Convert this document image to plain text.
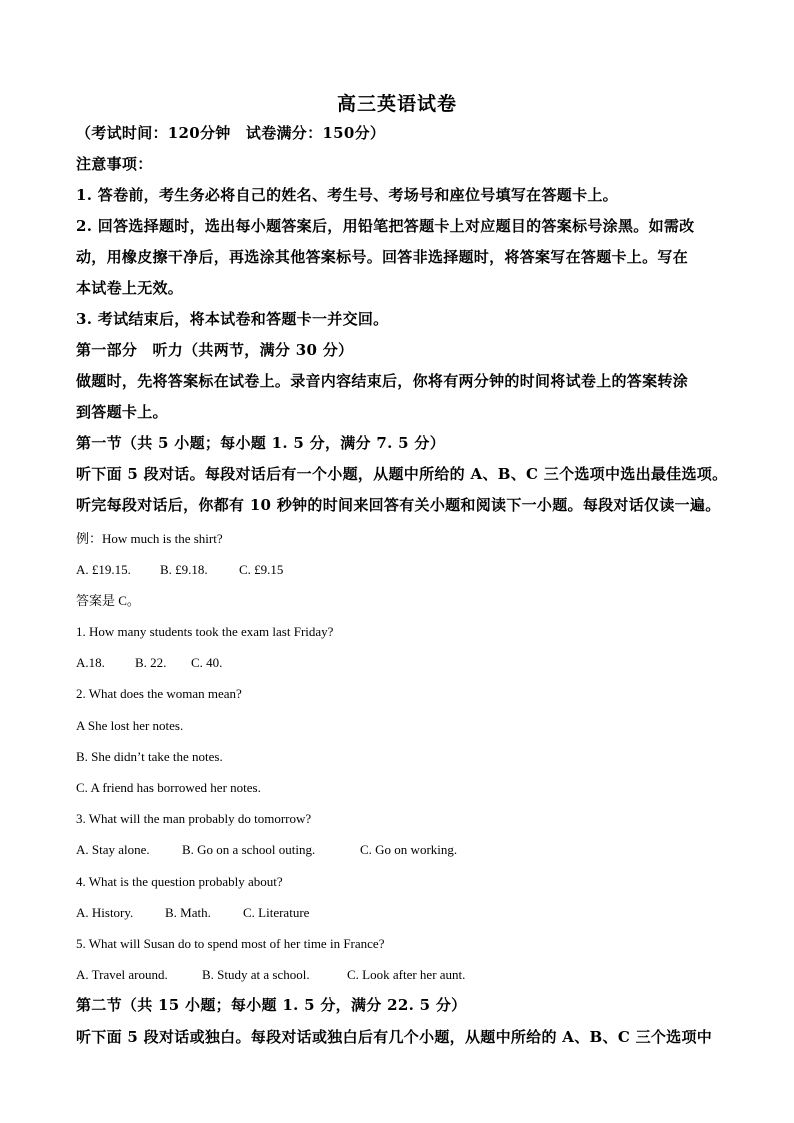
高三英语试卷
（考试时间：120分钟　试卷满分：150分）
注意事项：
1. 答卷前，考生务必将自己的姓名、考生号、考场号和座位号填写在答题卡上。
2. 回答选择题时，选出每小题答案后，用铅笔把答题卡上对应题目的答案标号涂黑。如需改
动，用橡皮擦干净后，再选涂其他答案标号。回答非选择题时，将答案写在答题卡上。写在
本试卷上无效。
3. 考试结束后，将本试卷和答题卡一并交回。
第一部分　听力（共两节，满分 30 分）
做题时，先将答案标在试卷上。录音内容结束后，你将有两分钟的时间将试卷上的答案转涂
到答题卡上。
第一节（共 5 小题；每小题 1. 5 分，满分 7. 5 分）
听下面 5 段对话。每段对话后有一个小题，从题中所给的 A、B、C 三个选项中选出最佳选项。
听完每段对话后，你都有 10 秒钟的时间来回答有关小题和阅读下一小题。每段对话仅读一遍。
例：How much is the shirt?
A. £19.15. B. £9.18. C. £9.15
答案是 C。
1. How many students took the exam last Friday?
A.18. B. 22. C. 40.
2. What does the woman mean?
A She lost her notes.
B. She didn’t take the notes.
C. A friend has borrowed her notes.
3. What will the man probably do tomorrow?
A. Stay alone. B. Go on a school outing.	C. Go on working.
4. What is the question probably about?
A. History. B. Math. C. Literature
5. What will Susan do to spend most of her time in France?
A. Travel around.	B. Study at a school.	C. Look after her aunt.
第二节（共 15 小题；每小题 1. 5 分，满分 22. 5 分）
听下面 5 段对话或独白。每段对话或独白后有几个小题，从题中所给的 A、B、C 三个选项中
